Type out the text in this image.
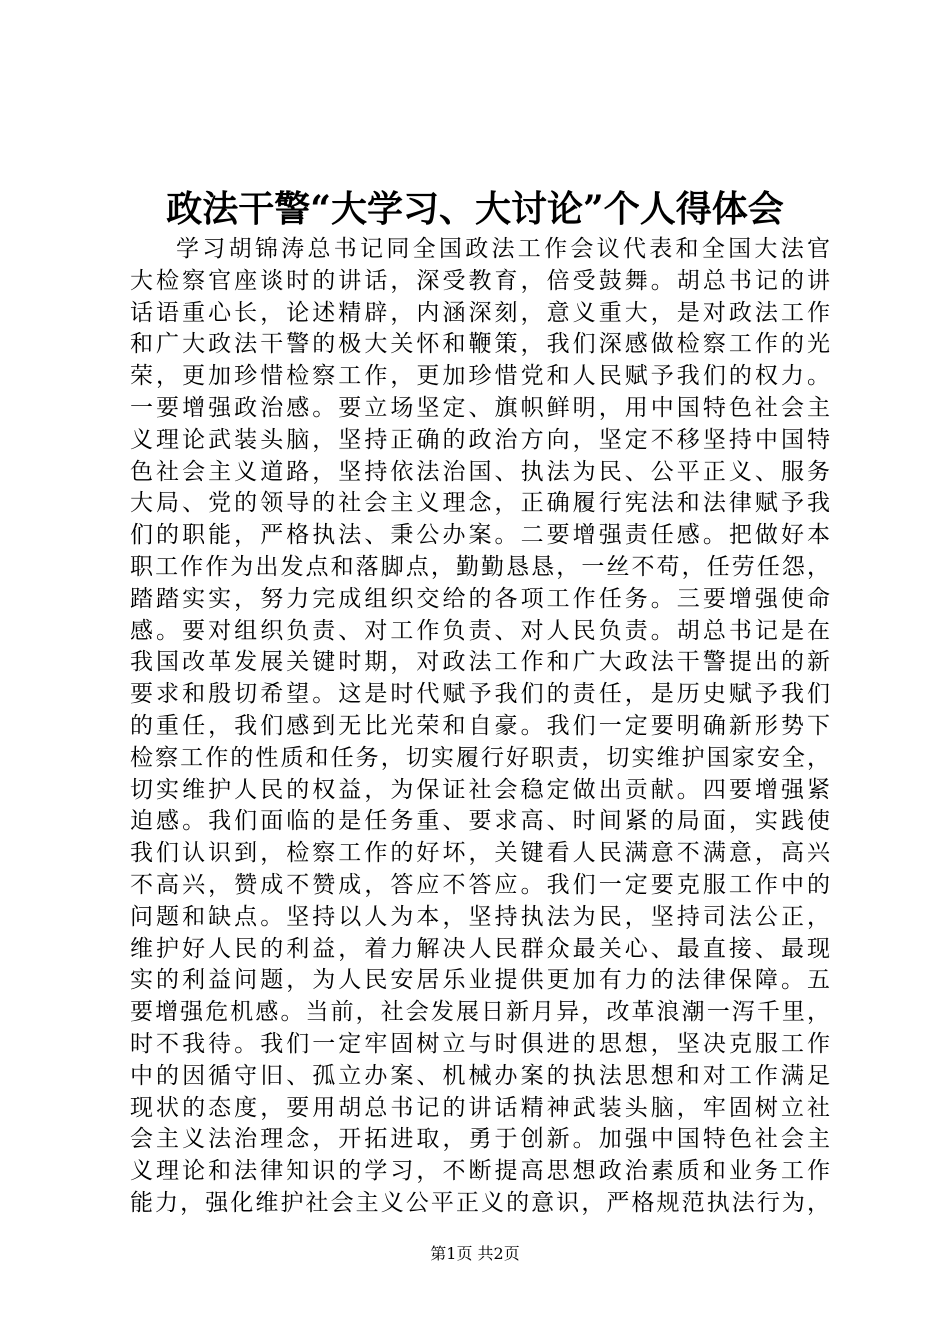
政法干警“大学习、大讨论”个人得体会
学习胡锦涛总书记同全国政法工作会议代表和全国大法官
大检察官座谈时的讲话，深受教育，倍受鼓舞。胡总书记的讲
话语重心长，论述精辟，内涵深刻，意义重大，是对政法工作
和广大政法干警的极大关怀和鞭策，我们深感做检察工作的光
荣，更加珍惜检察工作，更加珍惜党和人民赋予我们的权力。
一要增强政治感。要立场坚定、旗帜鲜明，用中国特色社会主
义理论武装头脑，坚持正确的政治方向，坚定不移坚持中国特
色社会主义道路，坚持依法治国、执法为民、公平正义、服务
大局、党的领导的社会主义理念，正确履行宪法和法律赋予我
们的职能，严格执法、秉公办案。二要增强责任感。把做好本
职工作作为出发点和落脚点，勤勤恳恳，一丝不苟，任劳任怨，
踏踏实实，努力完成组织交给的各项工作任务。三要增强使命
感。要对组织负责、对工作负责、对人民负责。胡总书记是在
我国改革发展关键时期，对政法工作和广大政法干警提出的新
要求和殷切希望。这是时代赋予我们的责任，是历史赋予我们
的重任，我们感到无比光荣和自豪。我们一定要明确新形势下
检察工作的性质和任务，切实履行好职责，切实维护国家安全，
切实维护人民的权益，为保证社会稳定做出贡献。四要增强紧
迫感。我们面临的是任务重、要求高、时间紧的局面，实践使
我们认识到，检察工作的好坏，关键看人民满意不满意，高兴
不高兴，赞成不赞成，答应不答应。我们一定要克服工作中的
问题和缺点。坚持以人为本，坚持执法为民，坚持司法公正，
维护好人民的利益，着力解决人民群众最关心、最直接、最现
实的利益问题，为人民安居乐业提供更加有力的法律保障。五
要增强危机感。当前，社会发展日新月异，改革浪潮一泻千里，
时不我待。我们一定牢固树立与时俱进的思想，坚决克服工作
中的因循守旧、孤立办案、机械办案的执法思想和对工作满足
现状的态度，要用胡总书记的讲话精神武装头脑，牢固树立社
会主义法治理念，开拓进取，勇于创新。加强中国特色社会主
义理论和法律知识的学习，不断提高思想政治素质和业务工作
能力，强化维护社会主义公平正义的意识，严格规范执法行为，
第1页 共2页
